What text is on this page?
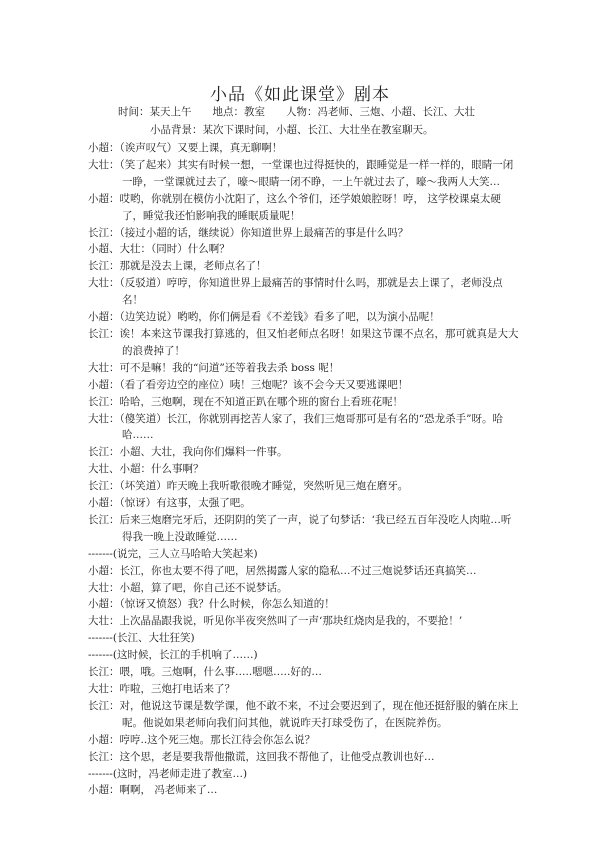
小品《如此课堂》剧本
时间：某天上午　　地点：教室　　人物：冯老师、三炮、小超、长江、大壮
小品背景：某次下课时间，小超、长江、大壮坐在教室聊天。
小超：（诶声叹气）又要上课，真无聊啊！
大壮：（笑了起来）其实有时候一想，一堂课也过得挺快的，跟睡觉是一样一样的，眼睛一闭一睁，一堂课就过去了，嚎～眼睛一闭不睁，一上午就过去了，嚎～我两人大笑…
小超：哎哟，你就别在模仿小沈阳了，这么个爷们，还学娘娘腔呀！哼， 这学校课桌太硬了，睡觉我还怕影响我的睡眠质量呢！
长江：（接过小超的话，继续说）你知道世界上最痛苦的事是什么吗？
小超、大壮：（同时）什么啊？
长江：那就是没去上课，老师点名了！
大壮：（反驳道）哼哼，你知道世界上最痛苦的事情时什么吗，那就是去上课了，老师没点名！
小超：（边笑边说）哟哟，你们俩是看《不差钱》看多了吧，以为演小品呢！
长江：诶！本来这节课我打算逃的，但又怕老师点名呀！如果这节课不点名，那可就真是大大的浪费掉了！
大壮：可不是嘛！我的“问道”还等着我去杀 boss 呢！
小超：（看了看旁边空的座位）咦！三炮呢？该不会今天又要逃课吧！
长江：哈哈，三炮啊，现在不知道正趴在哪个班的窗台上看班花呢！
大壮：（傻笑道）长江，你就别再挖苦人家了，我们三炮哥那可是有名的“恐龙杀手”呀。哈哈……
长江：小超、大壮，我向你们爆料一件事。
大壮、小超：什么事啊？
长江：（坏笑道）昨天晚上我听歌很晚才睡觉，突然听见三炮在磨牙。
小超：（惊讶）有这事，太强了吧。
长江：后来三炮磨完牙后，还阴阴的笑了一声，说了句梦话：‘我已经五百年没吃人肉啦…听得我一晚上没敢睡觉……
-------(说完，三人立马哈哈大笑起来)
小超：长江，你也太要不得了吧，居然揭露人家的隐私…不过三炮说梦话还真搞笑…
大壮：小超，算了吧，你自己还不说梦话。
小超：（惊讶又愤怒）我？什么时候，你怎么知道的！
大壮：上次晶晶跟我说，听见你半夜突然叫了一声‘那块红烧肉是我的，不要抢！’
-------(长江、大壮狂笑)
-------(这时候，长江的手机响了……)
长江：喂，哦。三炮啊，什么事…..嗯嗯…..好的…
大壮：咋啦，三炮打电话来了？
长江：对，他说这节课是数学课，他不敢不来，不过会要迟到了，现在他还挺舒服的躺在床上呢。他说如果老师向我们问其他，就说昨天打球受伤了，在医院养伤。
小超：哼哼..这个死三炮。那长江待会你怎么说？
长江：这个思，老是要我帮他撒谎，这回我不帮他了，让他受点教训也好…
-------(这时，冯老师走进了教室…)
小超：啊啊， 冯老师来了…
